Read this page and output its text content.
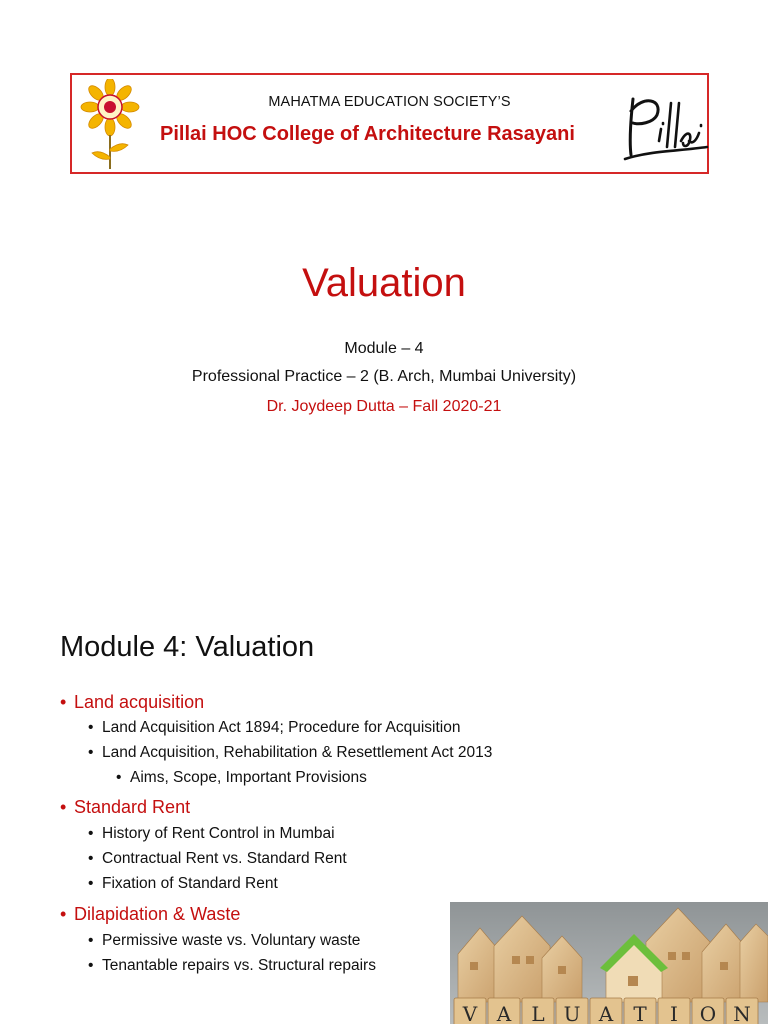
MAHATMA EDUCATION SOCIETY’S
Pillai HOC College of Architecture Rasayani
Valuation
Module – 4
Professional Practice – 2 (B. Arch, Mumbai University)
Dr. Joydeep Dutta – Fall 2020-21
Module 4: Valuation
• Land acquisition
• Land Acquisition Act 1894; Procedure for Acquisition
• Land Acquisition, Rehabilitation & Resettlement Act 2013
• Aims, Scope, Important Provisions
• Standard Rent
• History of Rent Control in Mumbai
• Contractual Rent vs. Standard Rent
• Fixation of Standard Rent
• Dilapidation & Waste
• Permissive waste vs. Voluntary waste
• Tenantable repairs vs. Structural repairs
V A L U A T I O N
